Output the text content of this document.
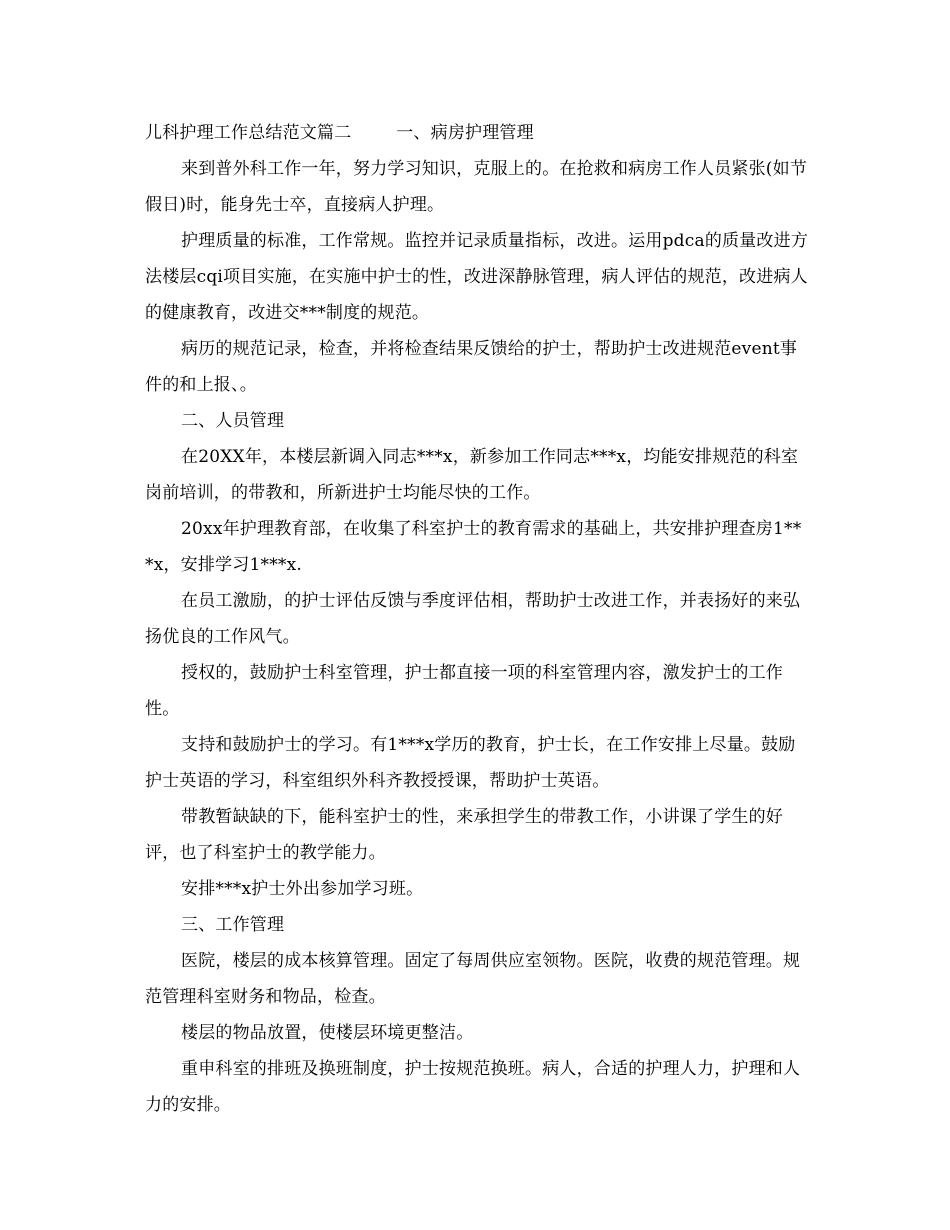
儿科护理工作总结范文篇二        一、病房护理管理

来到普外科工作一年，努力学习知识，克服上的。在抢救和病房工作人员紧张(如节假日)时，能身先士卒，直接病人护理。

护理质量的标准，工作常规。监控并记录质量指标，改进。运用pdca的质量改进方法楼层cqi项目实施，在实施中护士的性，改进深静脉管理，病人评估的规范，改进病人的健康教育，改进交***制度的规范。

病历的规范记录，检查，并将检查结果反馈给的护士，帮助护士改进规范event事件的和上报、。

二、人员管理

在20XX年，本楼层新调入同志***x，新参加工作同志***x，均能安排规范的科室岗前培训，的带教和，所新进护士均能尽快的工作。

20xx年护理教育部，在收集了科室护士的教育需求的基础上，共安排护理查房1***x，安排学习1***x.

在员工激励，的护士评估反馈与季度评估相，帮助护士改进工作，并表扬好的来弘扬优良的工作风气。

授权的，鼓励护士科室管理，护士都直接一项的科室管理内容，激发护士的工作性。

支持和鼓励护士的学习。有1***x学历的教育，护士长，在工作安排上尽量。鼓励护士英语的学习，科室组织外科齐教授授课，帮助护士英语。

带教暂缺缺的下，能科室护士的性，来承担学生的带教工作，小讲课了学生的好评，也了科室护士的教学能力。

安排***x护士外出参加学习班。

三、工作管理

医院，楼层的成本核算管理。固定了每周供应室领物。医院，收费的规范管理。规范管理科室财务和物品，检查。

楼层的物品放置，使楼层环境更整洁。

重申科室的排班及换班制度，护士按规范换班。病人，合适的护理人力，护理和人力的安排。
